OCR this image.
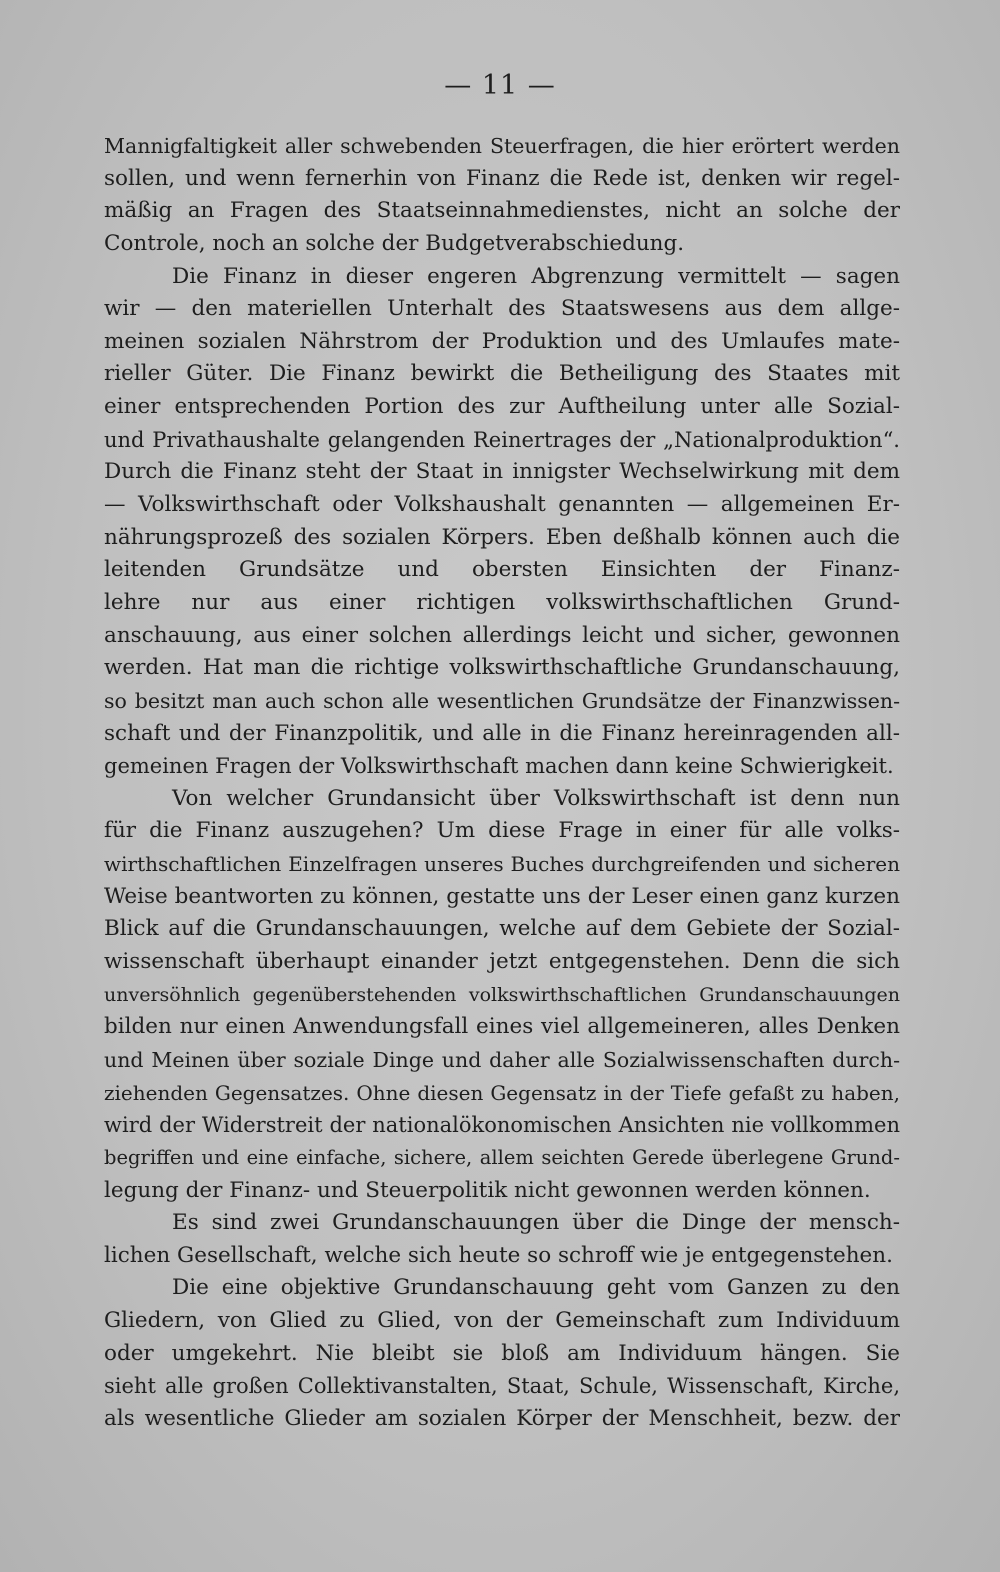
— 11 —
Mannigfaltigkeit aller schwebenden Steuerfragen, die hier erörtert werden
sollen, und wenn fernerhin von Finanz die Rede ist, denken wir regel-
mäßig an Fragen des Staatseinnahmedienstes, nicht an solche der
Controle, noch an solche der Budgetverabschiedung.
Die Finanz in dieser engeren Abgrenzung vermittelt — sagen
wir — den materiellen Unterhalt des Staatswesens aus dem allge-
meinen sozialen Nährstrom der Produktion und des Umlaufes mate-
rieller Güter. Die Finanz bewirkt die Betheiligung des Staates mit
einer entsprechenden Portion des zur Auftheilung unter alle Sozial-
und Privathaushalte gelangenden Reinertrages der „Nationalproduktion“.
Durch die Finanz steht der Staat in innigster Wechselwirkung mit dem
— Volkswirthschaft oder Volkshaushalt genannten — allgemeinen Er-
nährungsprozeß des sozialen Körpers. Eben deßhalb können auch die
leitenden Grundsätze und obersten Einsichten der Finanz-
lehre nur aus einer richtigen volkswirthschaftlichen Grund-
anschauung, aus einer solchen allerdings leicht und sicher, gewonnen
werden. Hat man die richtige volkswirthschaftliche Grundanschauung,
so besitzt man auch schon alle wesentlichen Grundsätze der Finanzwissen-
schaft und der Finanzpolitik, und alle in die Finanz hereinragenden all-
gemeinen Fragen der Volkswirthschaft machen dann keine Schwierigkeit.
Von welcher Grundansicht über Volkswirthschaft ist denn nun
für die Finanz auszugehen? Um diese Frage in einer für alle volks-
wirthschaftlichen Einzelfragen unseres Buches durchgreifenden und sicheren
Weise beantworten zu können, gestatte uns der Leser einen ganz kurzen
Blick auf die Grundanschauungen, welche auf dem Gebiete der Sozial-
wissenschaft überhaupt einander jetzt entgegenstehen. Denn die sich
unversöhnlich gegenüberstehenden volkswirthschaftlichen Grundanschauungen
bilden nur einen Anwendungsfall eines viel allgemeineren, alles Denken
und Meinen über soziale Dinge und daher alle Sozialwissenschaften durch-
ziehenden Gegensatzes. Ohne diesen Gegensatz in der Tiefe gefaßt zu haben,
wird der Widerstreit der nationalökonomischen Ansichten nie vollkommen
begriffen und eine einfache, sichere, allem seichten Gerede überlegene Grund-
legung der Finanz- und Steuerpolitik nicht gewonnen werden können.
Es sind zwei Grundanschauungen über die Dinge der mensch-
lichen Gesellschaft, welche sich heute so schroff wie je entgegenstehen.
Die eine objektive Grundanschauung geht vom Ganzen zu den
Gliedern, von Glied zu Glied, von der Gemeinschaft zum Individuum
oder umgekehrt. Nie bleibt sie bloß am Individuum hängen. Sie
sieht alle großen Collektivanstalten, Staat, Schule, Wissenschaft, Kirche,
als wesentliche Glieder am sozialen Körper der Menschheit, bezw. der
